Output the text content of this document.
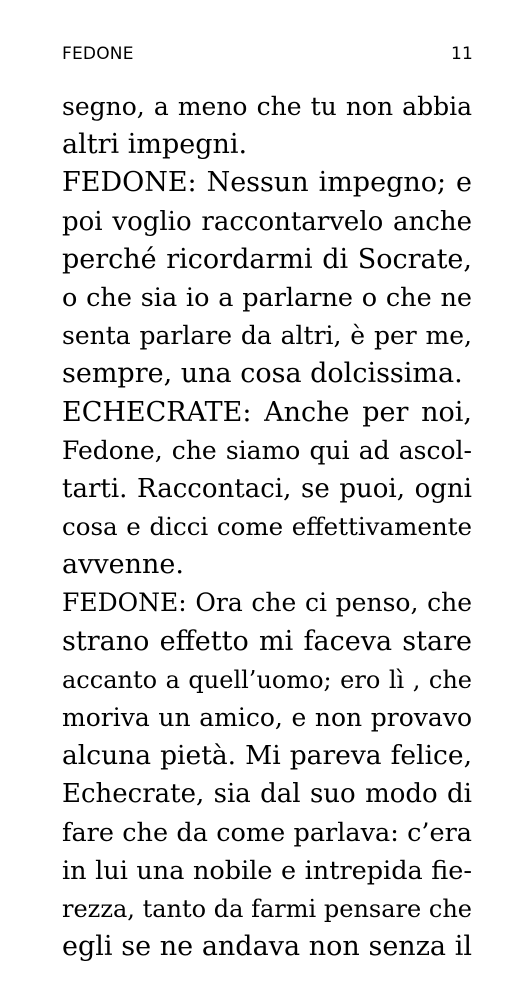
FEDONE	11
segno, a meno che tu non abbia
altri impegni.
FEDONE: Nessun impegno; e
poi voglio raccontarvelo anche
perché ricordarmi di Socrate,
o che sia io a parlarne o che ne
senta parlare da altri, è per me,
sempre, una cosa dolcissima.
ECHECRATE: Anche per noi,
Fedone, che siamo qui ad ascol-
tarti. Raccontaci, se puoi, ogni
cosa e dicci come effettivamente
avvenne.
FEDONE: Ora che ci penso, che
strano effetto mi faceva stare
accanto a quell’uomo; ero lì , che
moriva un amico, e non provavo
alcuna pietà. Mi pareva felice,
Echecrate, sia dal suo modo di
fare che da come parlava: c’era
in lui una nobile e intrepida fie-
rezza, tanto da farmi pensare che
egli se ne andava non senza il
